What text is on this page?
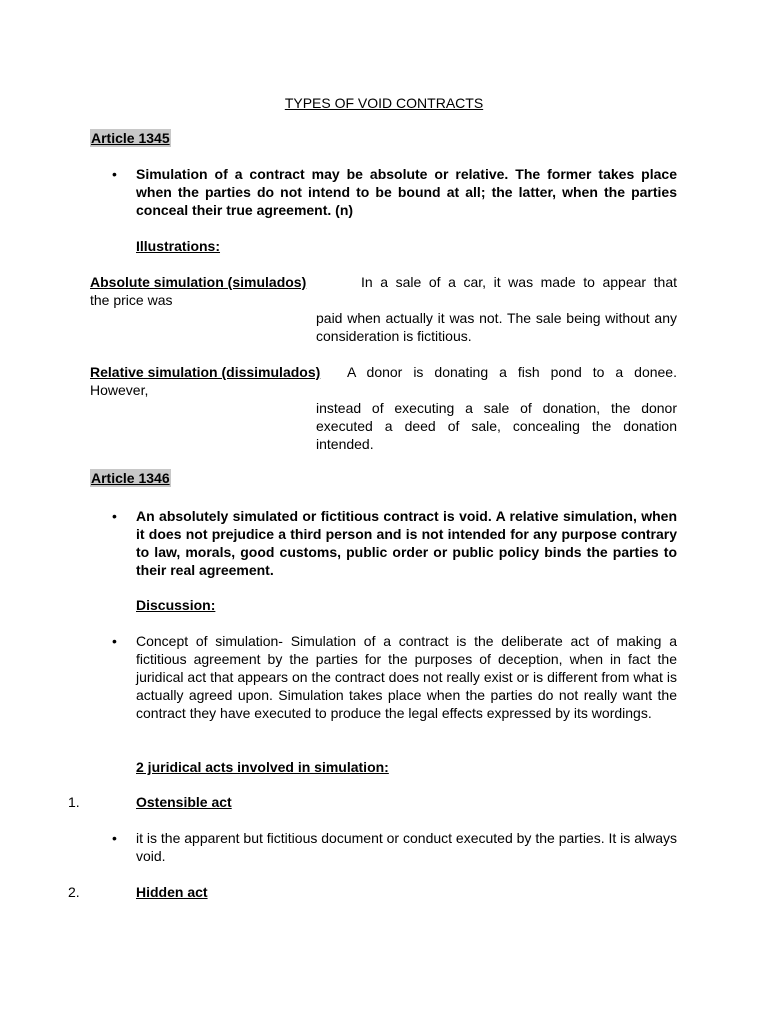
TYPES OF VOID CONTRACTS
Article 1345
•	Simulation of a contract may be absolute or relative. The former takes place when the parties do not intend to be bound at all; the latter, when the parties conceal their true agreement. (n)
Illustrations:
Absolute simulation (simulados)	In a sale of a car, it was made to appear that
the price was
paid when actually it was not. The sale being without any consideration is fictitious.
Relative simulation (dissimulados) A donor is donating a fish pond to a donee.
However,
instead of executing a sale of donation, the donor executed a deed of sale, concealing the donation intended.
Article 1346
•	An absolutely simulated or fictitious contract is void. A relative simulation, when it does not prejudice a third person and is not intended for any purpose contrary to law, morals, good customs, public order or public policy binds the parties to their real agreement.
Discussion:
•	Concept of simulation- Simulation of a contract is the deliberate act of making a fictitious agreement by the parties for the purposes of deception, when in fact the juridical act that appears on the contract does not really exist or is different from what is actually agreed upon. Simulation takes place when the parties do not really want the contract they have executed to produce the legal effects expressed by its wordings.
2 juridical acts involved in simulation:
1.	Ostensible act
•	it is the apparent but fictitious document or conduct executed by the parties. It is always void.
2.	Hidden act
